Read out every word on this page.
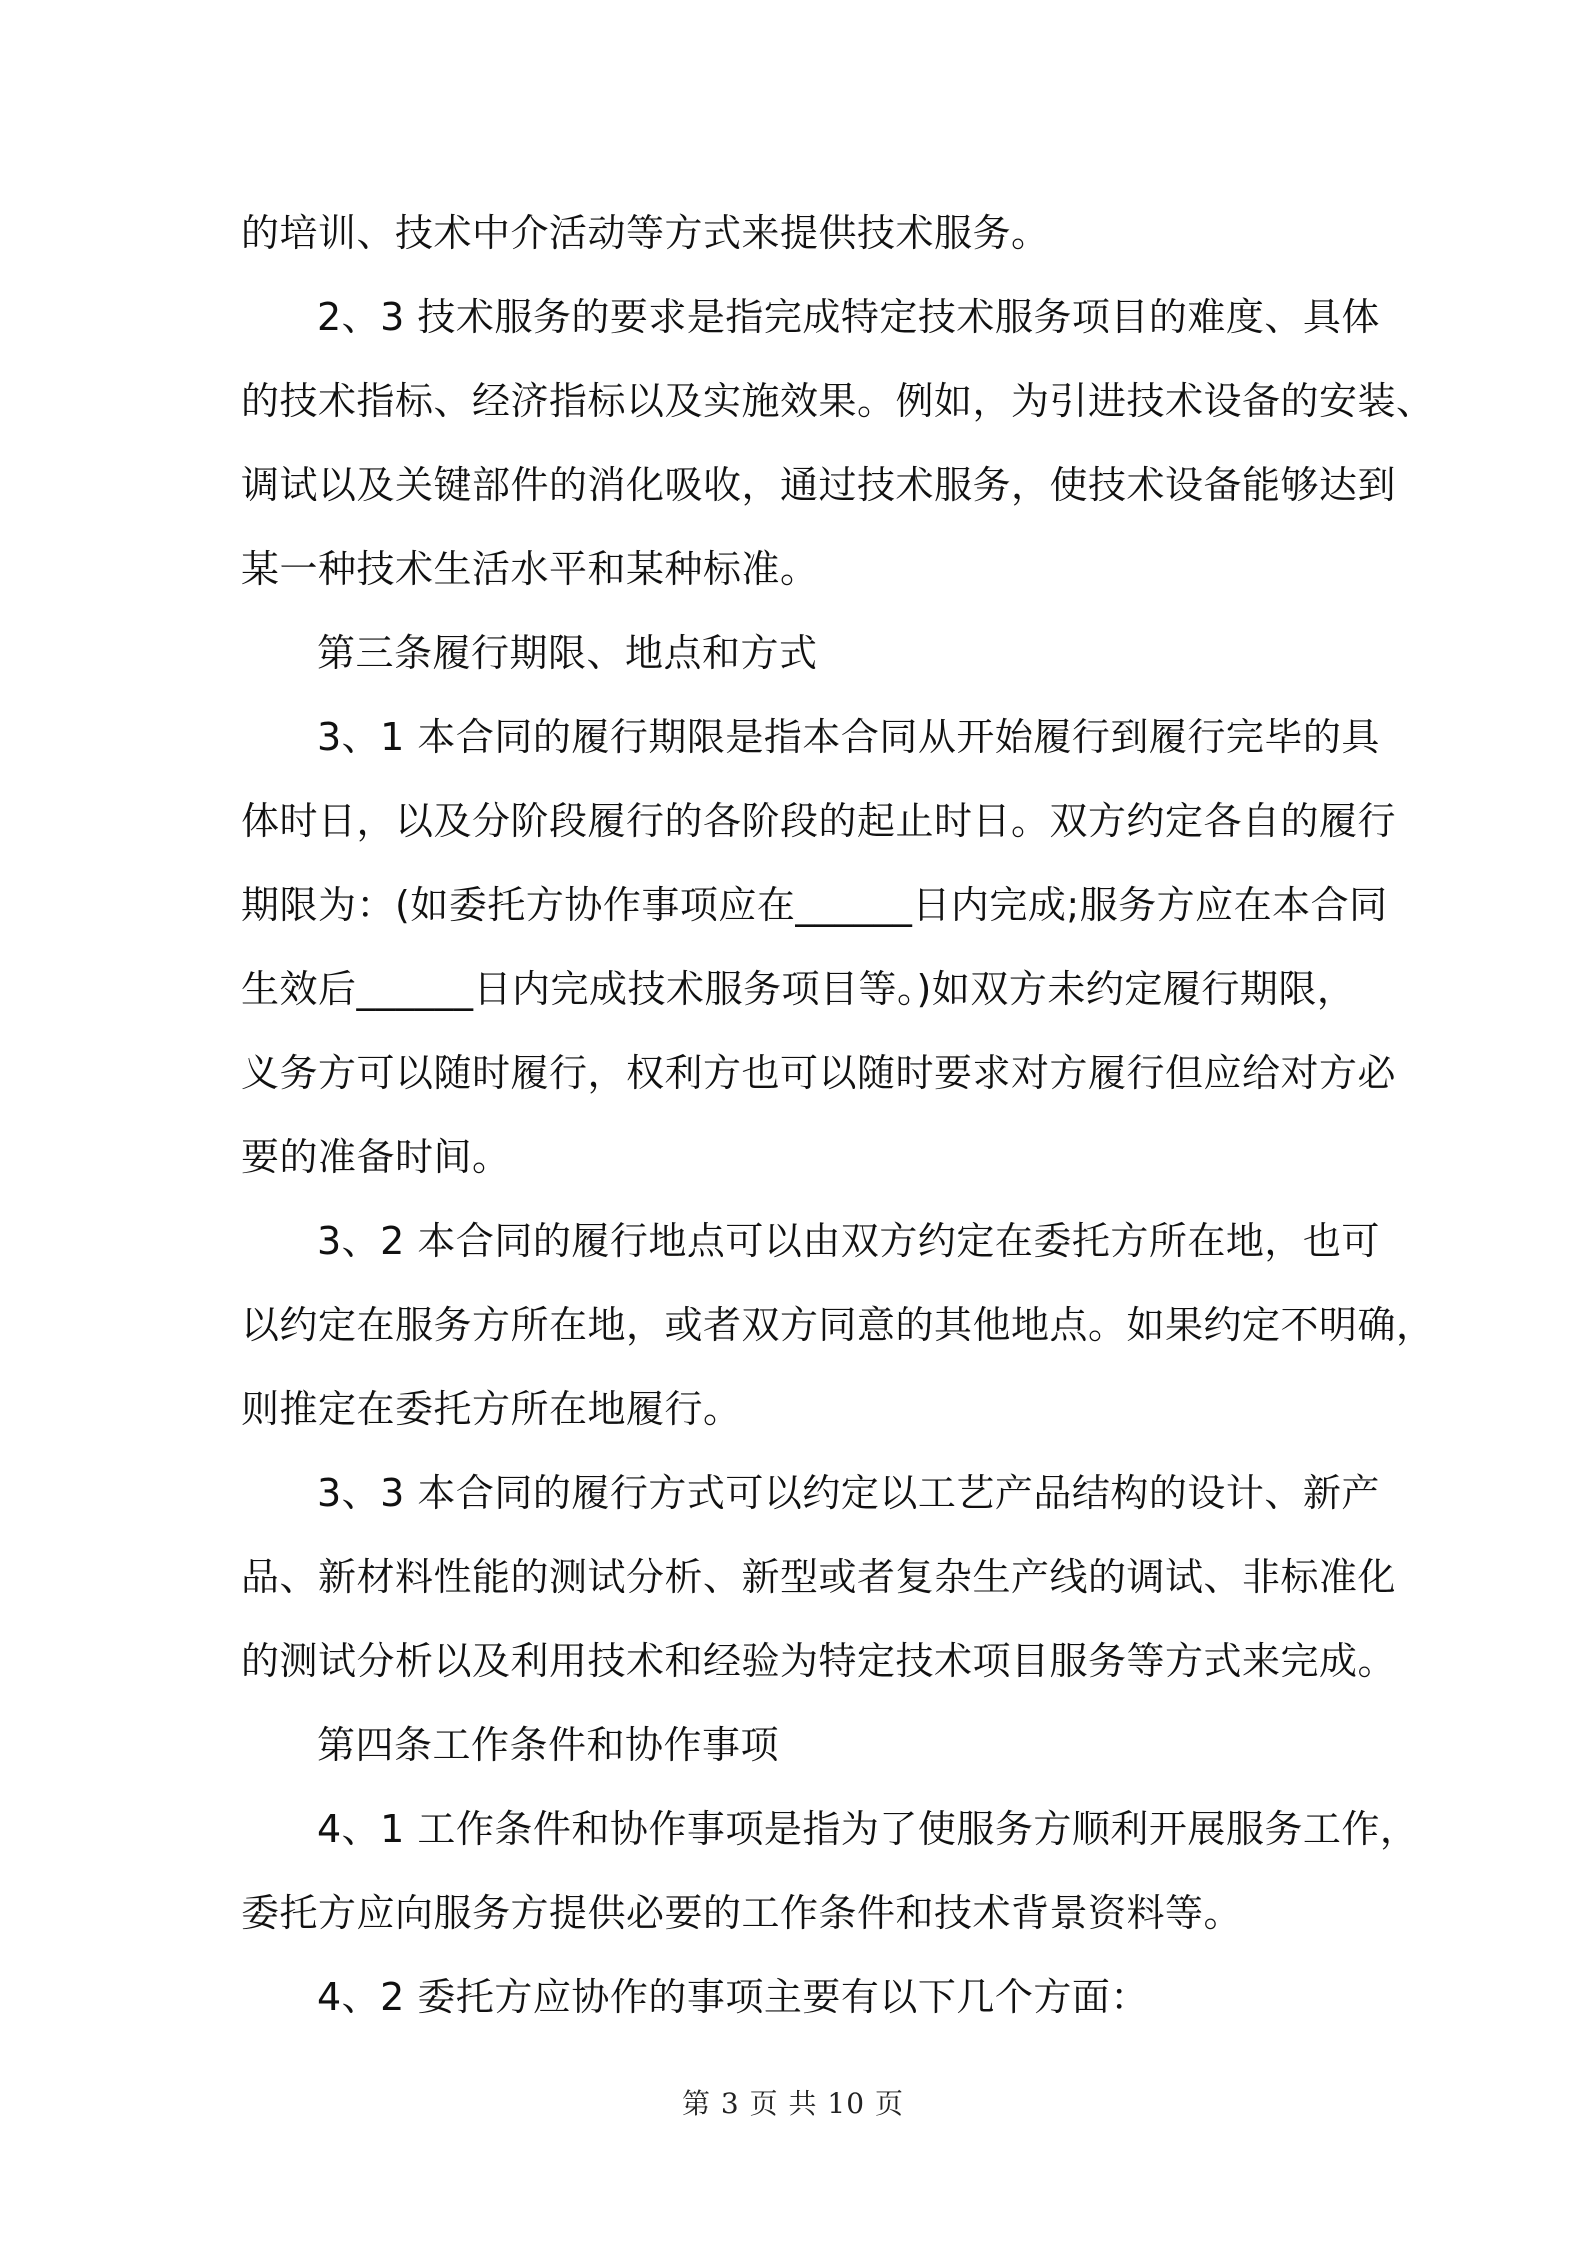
的培训、技术中介活动等方式来提供技术服务。
2、3 技术服务的要求是指完成特定技术服务项目的难度、具体
的技术指标、经济指标以及实施效果。例如，为引进技术设备的安装、
调试以及关键部件的消化吸收，通过技术服务，使技术设备能够达到
某一种技术生活水平和某种标准。
第三条履行期限、地点和方式
3、1 本合同的履行期限是指本合同从开始履行到履行完毕的具
体时日，以及分阶段履行的各阶段的起止时日。双方约定各自的履行
期限为：(如委托方协作事项应在______日内完成;服务方应在本合同
生效后______日内完成技术服务项目等。)如双方未约定履行期限，
义务方可以随时履行，权利方也可以随时要求对方履行但应给对方必
要的准备时间。
3、2 本合同的履行地点可以由双方约定在委托方所在地，也可
以约定在服务方所在地，或者双方同意的其他地点。如果约定不明确，
则推定在委托方所在地履行。
3、3 本合同的履行方式可以约定以工艺产品结构的设计、新产
品、新材料性能的测试分析、新型或者复杂生产线的调试、非标准化
的测试分析以及利用技术和经验为特定技术项目服务等方式来完成。
第四条工作条件和协作事项
4、1 工作条件和协作事项是指为了使服务方顺利开展服务工作，
委托方应向服务方提供必要的工作条件和技术背景资料等。
4、2 委托方应协作的事项主要有以下几个方面：
第 3 页 共 10 页
